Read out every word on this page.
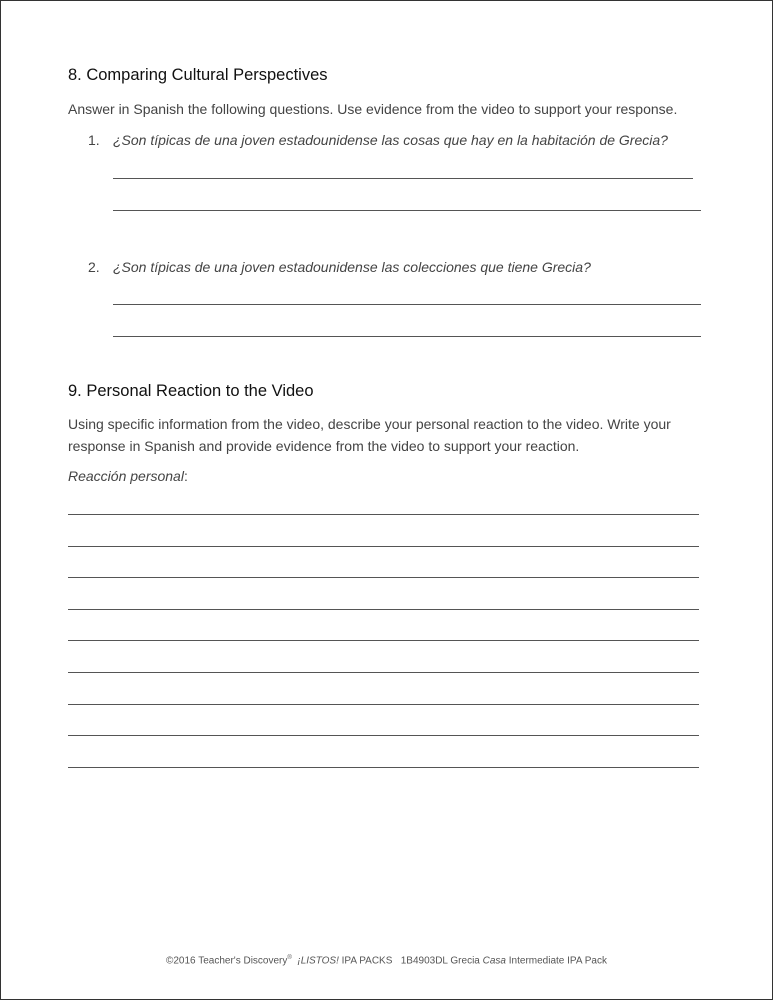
8. Comparing Cultural Perspectives
Answer in Spanish the following questions. Use evidence from the video to support your response.
1. ¿Son típicas de una joven estadounidense las cosas que hay en la habitación de Grecia?
2. ¿Son típicas de una joven estadounidense las colecciones que tiene Grecia?
9. Personal Reaction to the Video
Using specific information from the video, describe your personal reaction to the video. Write your response in Spanish and provide evidence from the video to support your reaction.
Reacción personal:
©2016 Teacher's Discovery® ¡LISTOS! IPA PACKS   1B4903DL Grecia Casa Intermediate IPA Pack
